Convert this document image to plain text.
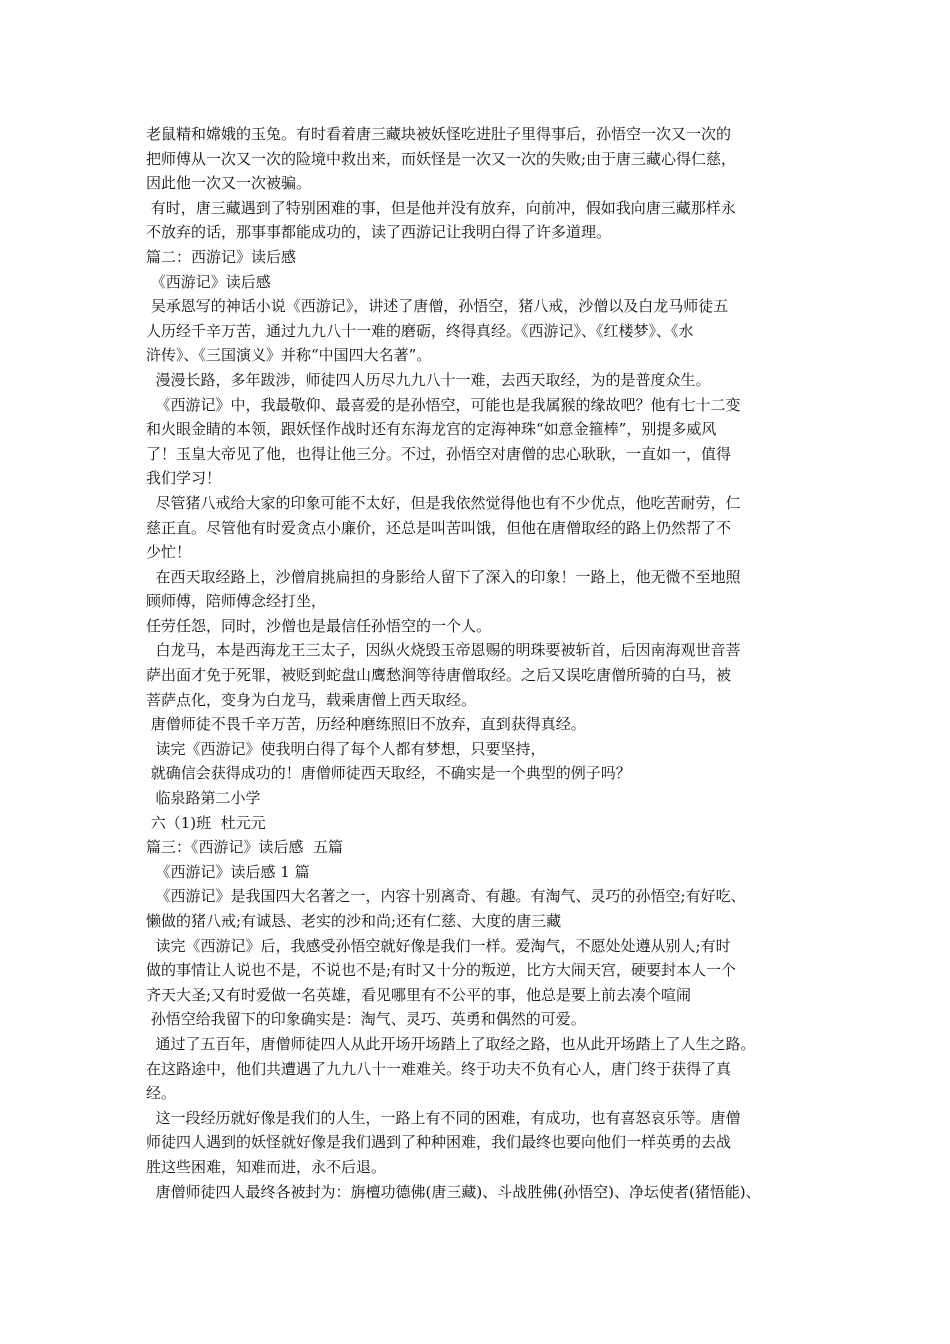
老鼠精和嫦娥的玉兔。有时看着唐三藏块被妖怪吃进肚子里得事后，孙悟空一次又一次的
把师傅从一次又一次的险境中救出来，而妖怪是一次又一次的失败;由于唐三藏心得仁慈，
因此他一次又一次被骗。
有时，唐三藏遇到了特别困难的事，但是他并没有放弃，向前冲，假如我向唐三藏那样永
不放弃的话，那事事都能成功的，读了西游记让我明白得了许多道理。
篇二：西游记》读后感
《西游记》读后感
吴承恩写的神话小说《西游记》，讲述了唐僧，孙悟空，猪八戒，沙僧以及白龙马师徒五
人历经千辛万苦，通过九九八十一难的磨砺，终得真经。《西游记》、《红楼梦》、《水
浒传》、《三国演义》并称“中国四大名著”。
漫漫长路，多年跋涉，师徒四人历尽九九八十一难，去西天取经，为的是普度众生。
《西游记》中，我最敬仰、最喜爱的是孙悟空，可能也是我属猴的缘故吧？他有七十二变
和火眼金睛的本领，跟妖怪作战时还有东海龙宫的定海神珠“如意金箍棒”，别提多威风
了！玉皇大帝见了他，也得让他三分。不过，孙悟空对唐僧的忠心耿耿，一直如一，值得
我们学习！
尽管猪八戒给大家的印象可能不太好，但是我依然觉得他也有不少优点，他吃苦耐劳，仁
慈正直。尽管他有时爱贪点小廉价，还总是叫苦叫饿，但他在唐僧取经的路上仍然帮了不
少忙！
在西天取经路上，沙僧肩挑扁担的身影给人留下了深入的印象！一路上，他无微不至地照
顾师傅，陪师傅念经打坐，
任劳任怨，同时，沙僧也是最信任孙悟空的一个人。
白龙马，本是西海龙王三太子，因纵火烧毁玉帝恩赐的明珠要被斩首，后因南海观世音菩
萨出面才免于死罪，被贬到蛇盘山鹰愁涧等待唐僧取经。之后又误吃唐僧所骑的白马，被
菩萨点化，变身为白龙马，载乘唐僧上西天取经。
唐僧师徒不畏千辛万苦，历经种磨练照旧不放弃，直到获得真经。
读完《西游记》使我明白得了每个人都有梦想，只要坚持，
就确信会获得成功的！唐僧师徒西天取经，不确实是一个典型的例子吗？
临泉路第二小学
六（1)班  杜元元
篇三：《西游记》读后感  五篇
《西游记》读后感 1 篇
《西游记》是我国四大名著之一，内容十别离奇、有趣。有淘气、灵巧的孙悟空;有好吃、
懒做的猪八戒;有诚恳、老实的沙和尚;还有仁慈、大度的唐三藏
读完《西游记》后，我感受孙悟空就好像是我们一样。爱淘气，不愿处处遵从别人;有时
做的事情让人说也不是，不说也不是;有时又十分的叛逆，比方大闹天宫，硬要封本人一个
齐天大圣;又有时爱做一名英雄，看见哪里有不公平的事，他总是要上前去凑个喧闹
孙悟空给我留下的印象确实是：淘气、灵巧、英勇和偶然的可爱。
通过了五百年，唐僧师徒四人从此开场开场踏上了取经之路，也从此开场踏上了人生之路。
在这路途中，他们共遭遇了九九八十一难难关。终于功夫不负有心人，唐门终于获得了真
经。
这一段经历就好像是我们的人生，一路上有不同的困难，有成功，也有喜怒哀乐等。唐僧
师徒四人遇到的妖怪就好像是我们遇到了种种困难，我们最终也要向他们一样英勇的去战
胜这些困难，知难而进，永不后退。
唐僧师徒四人最终各被封为：旃檀功德佛(唐三藏)、斗战胜佛(孙悟空)、净坛使者(猪悟能)、
